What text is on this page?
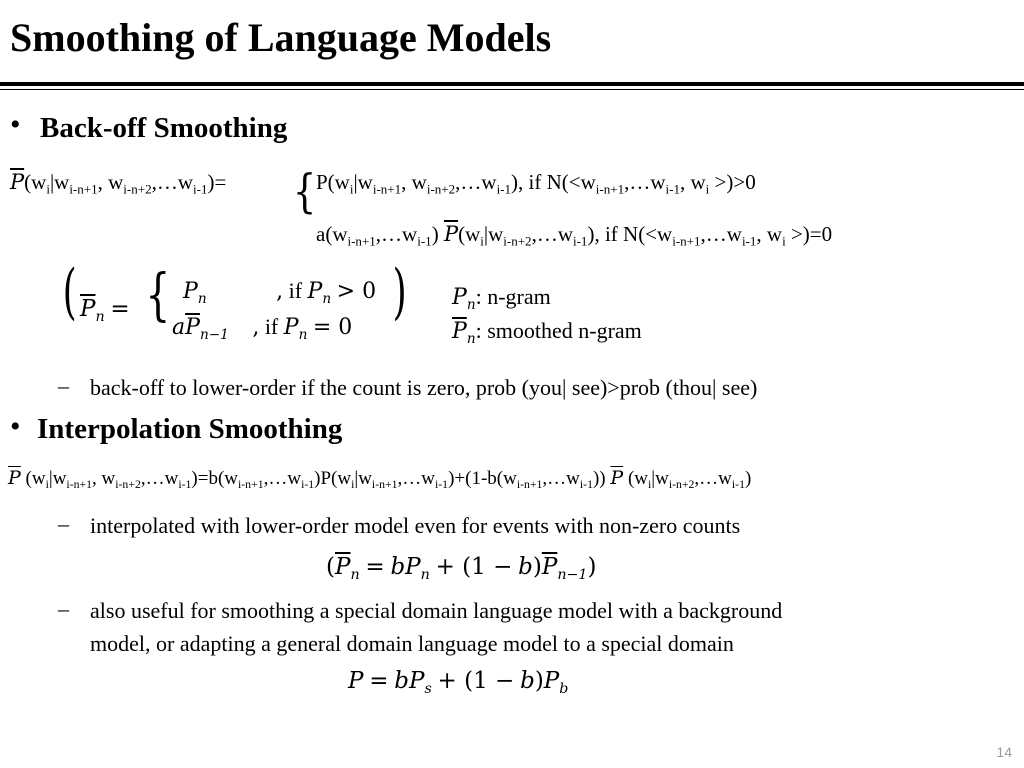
Smoothing of Language Models
• Back-off Smoothing
$\overline{P}(w_i|w_{i-n+1}$, $w_{i-n+2},\dots w_{i-1})=$ { $P(w_i|w_{i-n+1}$, $w_{i-n+2},\dots w_{i-1}$), if $N(<w_{i-n+1},\dots w_{i-1}$, $w_i >)>0$
$a(w_{i-n+1},\dots w_{i-1})$ $\overline{P}(w_i|w_{i-n+2},\dots w_{i-1})$, if $N(<w_{i-n+1},\dots w_{i-1}$, $w_i >)=0$
( $\overline{P}_n$ = { $P_n$	, if $P_n > 0$
$a\overline{P}_{n-1}$ , if $P_n = 0$
) $P_n$: n-gram
$\overline{P}_n$: smoothed n-gram
– back-off to lower-order if the count is zero, prob (you| see)>prob (thou| see)
• Interpolation Smoothing
$\overline{P}$ ($w_i|w_{i-n+1}$, $w_{i-n+2},\dots w_{i-1})=b(w_{i-n+1},\dots w_{i-1})P(w_i|w_{i-n+1},\dots w_{i-1})+(1-b(w_{i-n+1},\dots w_{i-1}))$ $\overline{P}$ $(w_i|w_{i-n+2},\dots w_{i-1})$
– interpolated with lower-order model even for events with non-zero counts
$(\overline{P}_n = bP_n + (1 - b)\overline{P}_{n-1})$
– also useful for smoothing a special domain language model with a background
model, or adapting a general domain language model to a special domain
$P = bP_s + (1 - b)P_b$
14
